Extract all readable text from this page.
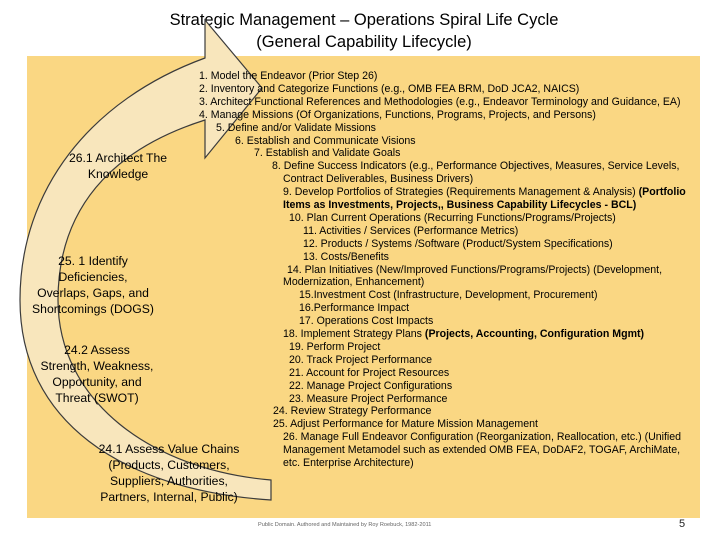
Strategic Management – Operations Spiral Life Cycle
(General Capability Lifecycle)
1. Model the Endeavor (Prior Step 26)
2. Inventory and Categorize Functions (e.g., OMB FEA BRM, DoD JCA2, NAICS)
3. Architect Functional References and Methodologies (e.g., Endeavor Terminology and Guidance, EA)
4. Manage Missions (Of Organizations, Functions, Programs, Projects, and Persons)
5. Define and/or Validate Missions
6. Establish and Communicate Visions
7. Establish and Validate Goals
8. Define Success Indicators (e.g., Performance Objectives, Measures, Service Levels,
Contract Deliverables, Business Drivers)
9. Develop Portfolios of Strategies (Requirements Management & Analysis) (Portfolio
Items as Investments, Projects,, Business Capability Lifecycles - BCL)
10. Plan Current Operations (Recurring Functions/Programs/Projects)
11. Activities / Services (Performance Metrics)
12. Products / Systems /Software (Product/System Specifications)
13. Costs/Benefits
14. Plan Initiatives (New/Improved Functions/Programs/Projects) (Development,
Modernization, Enhancement)
15.Investment Cost (Infrastructure, Development, Procurement)
16.Performance Impact
17. Operations Cost Impacts
18. Implement Strategy Plans (Projects, Accounting, Configuration Mgmt)
19. Perform Project
20. Track Project Performance
21. Account for Project Resources
22. Manage Project Configurations
23. Measure Project Performance
24. Review Strategy Performance
25. Adjust Performance for Mature Mission Management
26. Manage Full Endeavor Configuration (Reorganization, Reallocation, etc.) (Unified
Management Metamodel such as extended OMB FEA, DoDAF2, TOGAF, ArchiMate,
etc. Enterprise Architecture)
26.1 Architect The
Knowledge
25. 1 Identify
Deficiencies,
Overlaps, Gaps, and
Shortcomings (DOGS)
24.2 Assess
Strength, Weakness,
Opportunity, and
Threat (SWOT)
24.1 Assess Value Chains
(Products, Customers,
Suppliers, Authorities,
Partners, Internal, Public)
Public Domain. Authored and Maintained by Roy Roebuck, 1982-2011	5
